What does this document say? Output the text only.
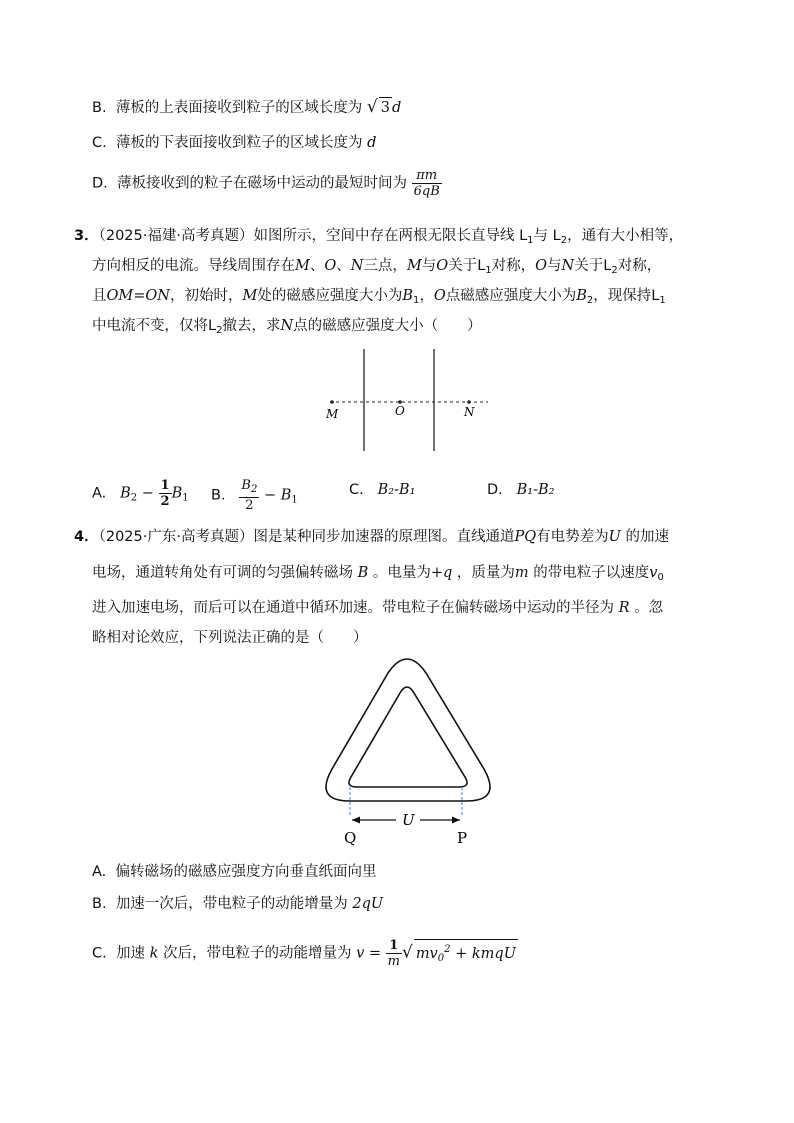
B. 薄板的上表面接收到粒子的区域长度为 √ 3 d
C. 薄板的下表面接收到粒子的区域长度为 d
D. 薄板接收到的粒子在磁场中运动的最短时间为 $\frac{\pi m}{6qB}$
3．（2025·福建·高考真题）如图所示，空间中存在两根无限长直导线 $L_1$与 $L_2$，通有大小相等，
方向相反的电流。导线周围存在M、O、N三点，M与O关于$L_1$对称，O与N关于$L_2$对称，
且OM=ON，初始时，M处的磁感应强度大小为$B_1$，O点磁感应强度大小为$B_2$，现保持$L_1$
中电流不变，仅将$L_2$撤去，求N点的磁感应强度大小（　　）
M	O	N
A. $B_2 - \frac{1}{2} B_1$ B. $\frac{B_2}{2} - B_1$
C. B₂-B₁	D. B₁-B₂
4．（2025·广东·高考真题）图是某种同步加速器的原理图。直线通道PQ有电势差为U 的加速
电场，通道转角处有可调的匀强偏转磁场 B 。电量为+q ，质量为m 的带电粒子以速度$v_0$
进入加速电场，而后可以在通道中循环加速。带电粒子在偏转磁场中运动的半径为 R 。忽
略相对论效应，下列说法正确的是（　　）
U
Q	P
A. 偏转磁场的磁感应强度方向垂直纸面向里
B. 加速一次后，带电粒子的动能增量为 2qU
C. 加速 k 次后，带电粒子的动能增量为 $v = \frac{1}{m}$ √ $mv_0^2$ + kmqU
